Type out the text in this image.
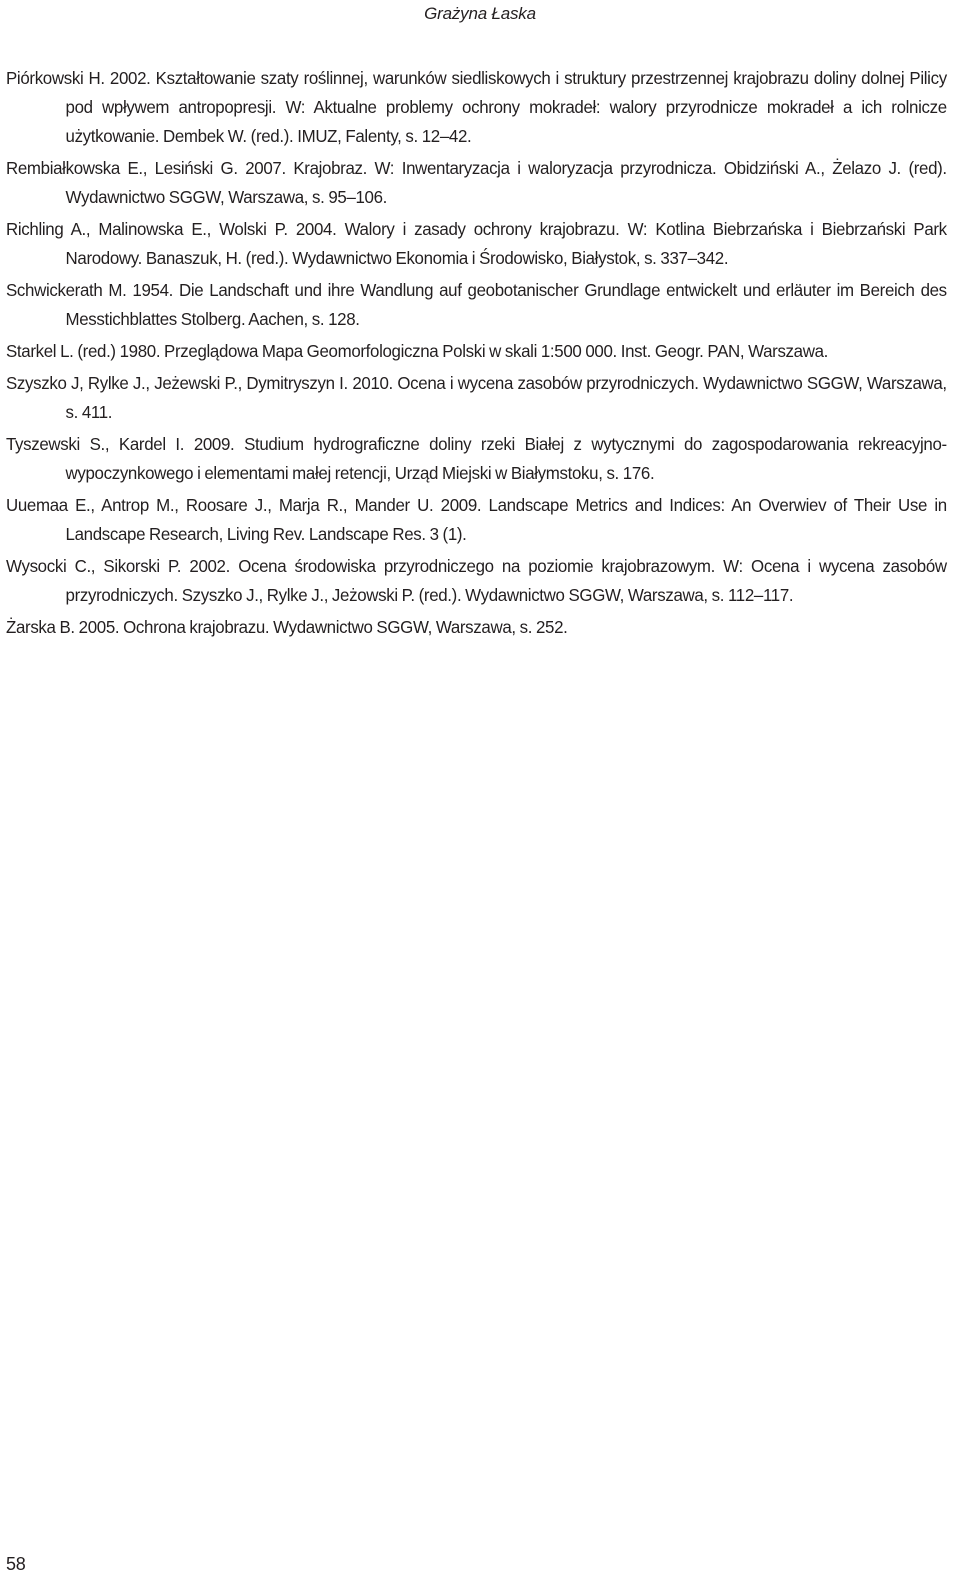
Grażyna Łaska

Piórkowski H. 2002. Kształtowanie szaty roślinnej, warunków siedliskowych i struktury przestrzennej krajobrazu doliny dolnej Pilicy pod wpływem antropopresji. W: Aktualne problemy ochrony mokradeł: walory przyrodnicze mokradeł a ich rolnicze użytkowanie. Dembek W. (red.). IMUZ, Falenty, s. 12–42.

Rembiałkowska E., Lesiński G. 2007. Krajobraz. W: Inwentaryzacja i waloryzacja przyrodnicza. Obidziński A., Żelazo J. (red). Wydawnictwo SGGW, Warszawa, s. 95–106.

Richling A., Malinowska E., Wolski P. 2004. Walory i zasady ochrony krajobrazu. W: Kotlina Biebrzańska i Biebrzański Park Narodowy. Banaszuk, H. (red.). Wydawnictwo Ekonomia i Środowisko, Białystok, s. 337–342.

Schwickerath M. 1954. Die Landschaft und ihre Wandlung auf geobotanischer Grundlage entwickelt und erläuter im Bereich des Messtichblattes Stolberg. Aachen, s. 128.

Starkel L. (red.) 1980. Przeglądowa Mapa Geomorfologiczna Polski w skali 1:500 000. Inst. Geogr. PAN, Warszawa.

Szyszko J, Rylke J., Jeżewski P., Dymitryszyn I. 2010. Ocena i wycena zasobów przyrodniczych. Wydawnictwo SGGW, Warszawa, s. 411.

Tyszewski S., Kardel I. 2009. Studium hydrograficzne doliny rzeki Białej z wytycznymi do zagospodarowania rekreacyjno-wypoczynkowego i elementami małej retencji, Urząd Miejski w Białymstoku, s. 176.

Uuemaa E., Antrop M., Roosare J., Marja R., Mander U. 2009. Landscape Metrics and Indices: An Overwiev of Their Use in Landscape Research, Living Rev. Landscape Res. 3 (1).

Wysocki C., Sikorski P. 2002. Ocena środowiska przyrodniczego na poziomie krajobrazowym. W: Ocena i wycena zasobów przyrodniczych. Szyszko J., Rylke J., Jeżowski P. (red.). Wydawnictwo SGGW, Warszawa, s. 112–117.

Żarska B. 2005. Ochrona krajobrazu. Wydawnictwo SGGW, Warszawa, s. 252.

58
